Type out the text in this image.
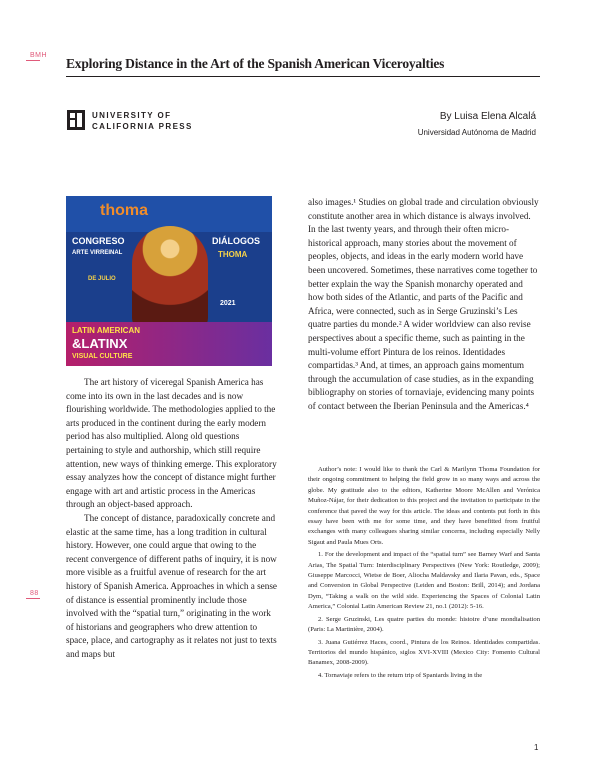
BMH
Exploring Distance in the Art of the Spanish American Viceroyalties
UNIVERSITY OF
CALIFORNIA PRESS
By Luisa Elena Alcalá
Universidad Autónoma de Madrid
thoma
CONGRESO
ARTE VIRREINAL
DE JULIO
DIÁLOGOS
THOMA
2021
LATIN AMERICAN
&LATINX
VISUAL CULTURE

The art history of viceregal Spanish America has come into its own in the last decades and is now flourishing worldwide. The methodologies applied to the arts produced in the continent during the early modern period has also multiplied. Along old questions pertaining to style and authorship, which still require attention, new ways of thinking emerge. This exploratory essay analyzes how the concept of distance might further engage with art and artistic process in the Americas through an object-based approach.

The concept of distance, paradoxically concrete and elastic at the same time, has a long tradition in cultural history. However, one could argue that owing to the recent convergence of different paths of inquiry, it is now more visible as a fruitful avenue of research for the art history of Spanish America. Approaches in which a sense of distance is essential prominently include those involved with the “spatial turn,” originating in the work of historians and geographers who drew attention to space, place, and cartography as it relates not just to texts and maps but

also images.¹ Studies on global trade and circulation obviously constitute another area in which distance is always involved. In the last twenty years, and through their often micro-historical approach, many stories about the movement of peoples, objects, and ideas in the early modern world have been uncovered. Sometimes, these narratives come together to better explain the way the Spanish monarchy operated and how both sides of the Atlantic, and parts of the Pacific and Africa, were connected, such as in Serge Gruzinski’s Les quatre parties du monde.² A wider worldview can also revise perspectives about a specific theme, such as painting in the multi-volume effort Pintura de los reinos. Identidades compartidas.³ And, at times, an approach gains momentum through the accumulation of case studies, as in the expanding bibliography on stories of tornaviaje, evidencing many points of contact between the Iberian Peninsula and the Americas.⁴

Author’s note: I would like to thank the Carl & Marilynn Thoma Foundation for their ongoing commitment to helping the field grow in so many ways and across the globe. My gratitude also to the editors, Katherine Moore McAllen and Verónica Muñoz-Nájar, for their dedication to this project and the invitation to participate in the conference that paved the way for this article. The ideas and contents put forth in this essay have been with me for some time, and they have benefitted from fruitful exchanges with many colleagues sharing similar concerns, including especially Nelly Sigaut and Paula Mues Orts.

1. For the development and impact of the “spatial turn” see Barney Warf and Santa Arias, The Spatial Turn: Interdisciplinary Perspectives (New York: Routledge, 2009); Giuseppe Marcocci, Wietse de Boer, Aliocha Maldavsky and Ilaria Pavan, eds., Space and Conversion in Global Perspective (Leiden and Boston: Brill, 2014); and Jordana Dym, “Taking a walk on the wild side. Experiencing the Spaces of Colonial Latin America,” Colonial Latin American Review 21, no.1 (2012): 5-16.

2. Serge Gruzinski, Les quatre parties du monde: histoire d’une mondialisation (Paris: La Martinière, 2004).

3. Juana Gutiérrez Haces, coord., Pintura de los Reinos. Identidades compartidas. Territorios del mundo hispánico, siglos XVI-XVIII (Mexico City: Fomento Cultural Banamex, 2008-2009).

4. Tornaviaje refers to the return trip of Spaniards living in the

88
1
